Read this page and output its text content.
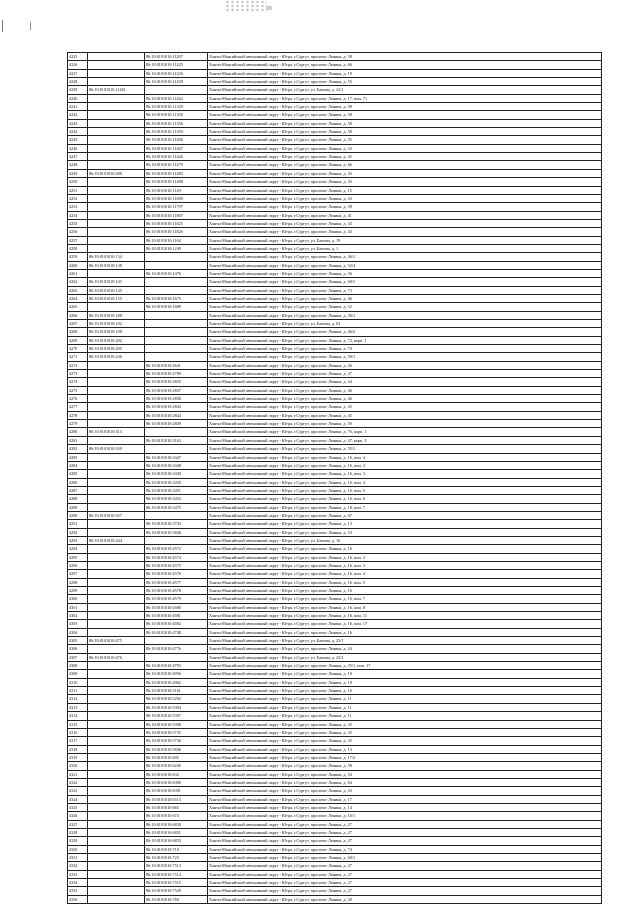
4225		86:10:0101010:11207	Ханты-Мансийский автономный округ - Югра, г.Сургут, проспект Ленина, д. 58
4226		86:10:0101010:11225	Ханты-Мансийский автономный округ - Югра, г.Сургут, проспект Ленина, д. 66
4227		86:10:0101010:11226	Ханты-Мансийский автономный округ - Югра, г.Сургут, проспект Ленина, д. 19
4228		86:10:0101010:11229	Ханты-Мансийский автономный округ - Югра, г.Сургут, проспект Ленина, д. 55
4239	86:10:0101010:11261		Ханты-Мансийский автономный округ - Югра, г.Сургут, ул. Бажова, д. 22/1
4240		86:10:0101010:11262	Ханты-Мансийский автономный округ - Югра, г.Сургут, проспект Ленина, д. 17, пом. 71
4241		86:10:0101010:11329	Ханты-Мансийский автономный округ - Югра, г.Сургут, проспект Ленина, д. 58
4242		86:10:0101010:11350	Ханты-Мансийский автономный округ - Югра, г.Сургут, проспект Ленина, д. 58
4243		86:10:0101010:11356	Ханты-Мансийский автономный округ - Югра, г.Сургут, проспект Ленина, д. 58
4244		86:10:0101010:11359	Ханты-Мансийский автономный округ - Югра, г.Сургут, проспект Ленина, д. 58
4245		86:10:0101010:11406	Ханты-Мансийский автономный округ - Югра, г.Сургут, проспект Ленина, д. 55
4246		86:10:0101010:11407	Ханты-Мансийский автономный округ - Югра, г.Сургут, проспект Ленина, д. 33
4247		86:10:0101010:11426	Ханты-Мансийский автономный округ - Югра, г.Сургут, проспект Ленина, д. 45
4248		86:10:0101010:11479	Ханты-Мансийский автономный округ - Югра, г.Сургут, проспект Ленина, д. 66
4249	86:10:0101010:288	86:10:0101010:11482	Ханты-Мансийский автономный округ - Югра, г.Сургут, проспект Ленина, д. 43
4250		86:10:0101010:11488	Ханты-Мансийский автономный округ - Югра, г.Сургут, проспект Ленина, д. 43
4251		86:10:0101010:1149	Ханты-Мансийский автономный округ - Югра, г.Сургут, проспект Ленина, д. 15
4252		86:10:0101010:11690	Ханты-Мансийский автономный округ - Югра, г.Сургут, проспект Ленина, д. 43
4253		86:10:0101010:11797	Ханты-Мансийский автономный округ - Югра, г.Сургут, проспект Ленина, д. 39
4254		86:10:0101010:11807	Ханты-Мансийский автономный округ - Югра, г.Сургут, проспект Ленина, д. 41
4255		86:10:0101010:11825	Ханты-Мансийский автономный округ - Югра, г.Сургут, проспект Ленина, д. 43
4256		86:10:0101010:11826	Ханты-Мансийский автономный округ - Югра, г.Сургут, проспект Ленина, д. 43
4257		86:10:0101010:1164	Ханты-Мансийский автономный округ - Югра, г.Сургут, ул. Бажова, д. 19
4258		86:10:0101010:1249	Ханты-Мансийский автономный округ - Югра, г.Сургут, ул. Бажова, д. 1
4259	86:10:0101010:134		Ханты-Мансийский автономный округ - Югра, г.Сургут, проспект Ленина, д. 46/1
4260	86:10:0101010:138		Ханты-Мансийский автономный округ - Югра, г.Сургут, проспект Ленина, д. 52/4
4261		86:10:0101010:1476	Ханты-Мансийский автономный округ - Югра, г.Сургут, проспект Ленина, д. 36
4262	86:10:0101010:143		Ханты-Мансийский автономный округ - Югра, г.Сургут, проспект Ленина, д. 60/1
4263	86:10:0101010:145		Ханты-Мансийский автономный округ - Югра, г.Сургут, проспект Ленина, д. 73
4264	86:10:0101010:155	86:10:0101010:1675	Ханты-Мансийский автономный округ - Югра, г.Сургут, проспект Ленина, д. 46
4265		86:10:0101010:1688	Ханты-Мансийский автономный округ - Югра, г.Сургут, проспект Ленина, д. 52
4266	86:10:0101010:188		Ханты-Мансийский автономный округ - Югра, г.Сургут, проспект Ленина, д. 50/1
4267	86:10:0101010:192		Ханты-Мансийский автономный округ - Югра, г.Сургут, ул. Бажова, д. 63
4268	86:10:0101010:198		Ханты-Мансийский автономный округ - Югра, г.Сургут, проспект Ленина, д. 46/2
4269	86:10:0101010:202		Ханты-Мансийский автономный округ - Югра, г.Сургут, проспект Ленина, д. 72, корп. 1
4270	86:10:0101010:205		Ханты-Мансийский автономный округ - Югра, г.Сургут, проспект Ленина, д. 70
4271	86:10:0101010:246		Ханты-Мансийский автономный округ - Югра, г.Сургут, проспект Ленина, д. 59/1
4272		86:10:0101010:2641	Ханты-Мансийский автономный округ - Югра, г.Сургут, проспект Ленина, д. 26
4273		86:10:0101010:2789	Ханты-Мансийский автономный округ - Югра, г.Сургут, проспект Ленина, д. 47
4274		86:10:0101010:2835	Ханты-Мансийский автономный округ - Югра, г.Сургут, проспект Ленина, д. 44
4275		86:10:0101010:2837	Ханты-Мансийский автономный округ - Югра, г.Сургут, проспект Ленина, д. 46
4276		86:10:0101010:2838	Ханты-Мансийский автономный округ - Югра, г.Сургут, проспект Ленина, д. 46
4277		86:10:0101010:2843	Ханты-Мансийский автономный округ - Югра, г.Сургут, проспект Ленина, д. 45
4278		86:10:0101010:2844	Ханты-Мансийский автономный округ - Югра, г.Сургут, проспект Ленина, д. 45
4279		86:10:0101010:2849	Ханты-Мансийский автономный округ - Югра, г.Сургут, проспект Ленина, д. 59
4280	86:10:0101010:313		Ханты-Мансийский автономный округ - Югра, г.Сургут, проспект Ленина, д. 76, корп. 1
4281		86:10:0101010:3163	Ханты-Мансийский автономный округ - Югра, г.Сургут, проспект Ленина, д. 47, корп. 3
4282	86:10:0101010:320		Ханты-Мансийский автономный округ - Югра, г.Сургут, проспект Ленина, д. 55/1
4283		86:10:0101010:3447	Ханты-Мансийский автономный округ - Югра, г.Сургут, проспект Ленина, д. 16, пом. 4
4284		86:10:0101010:3448	Ханты-Мансийский автономный округ - Югра, г.Сургут, проспект Ленина, д. 16, пом. 2
4285		86:10:0101010:3449	Ханты-Мансийский автономный округ - Югра, г.Сургут, проспект Ленина, д. 16, пом. 3
4286		86:10:0101010:3450	Ханты-Мансийский автономный округ - Югра, г.Сургут, проспект Ленина, д. 16, пом. 4
4287		86:10:0101010:3451	Ханты-Мансийский автономный округ - Югра, г.Сургут, проспект Ленина, д. 16, пом. 5
4288		86:10:0101010:3452	Ханты-Мансийский автономный округ - Югра, г.Сургут, проспект Ленина, д. 16, пом. 6
4289		86:10:0101010:3475	Ханты-Мансийский автономный округ - Югра, г.Сургут, проспект Ленина, д. 18, пом. 7
4290	86:10:0101010:357		Ханты-Мансийский автономный округ - Югра, г.Сургут, проспект Ленина, д. 67
4291		86:10:0101010:3743	Ханты-Мансийский автономный округ - Югра, г.Сургут, проспект Ленина, д. 13
4292		86:10:0101010:3846	Ханты-Мансийский автономный округ - Югра, г.Сургут, проспект Ленина, д. 53
4293	86:10:0101010:444		Ханты-Мансийский автономный округ - Югра, г.Сургут, ул. Бажова, д. 16
4294		86:10:0101010:4572	Ханты-Мансийский автономный округ - Югра, г.Сургут, проспект Ленина, д. 16
4295		86:10:0101010:4574	Ханты-Мансийский автономный округ - Югра, г.Сургут, проспект Ленина, д. 16, пом. 2
4296		86:10:0101010:4575	Ханты-Мансийский автономный округ - Югра, г.Сургут, проспект Ленина, д. 16, пом. 3
4297		86:10:0101010:4576	Ханты-Мансийский автономный округ - Югра, г.Сургут, проспект Ленина, д. 16, пом. 4
4298		86:10:0101010:4577	Ханты-Мансийский автономный округ - Югра, г.Сургут, проспект Ленина, д. 16, пом. 5
4299		86:10:0101010:4578	Ханты-Мансийский автономный округ - Югра, г.Сургут, проспект Ленина, д. 16
4300		86:10:0101010:4579	Ханты-Мансийский автономный округ - Югра, г.Сургут, проспект Ленина, д. 16, пом. 7
4301		86:10:0101010:4580	Ханты-Мансийский автономный округ - Югра, г.Сургут, проспект Ленина, д. 16, пом. 8
4302		86:10:0101010:4581	Ханты-Мансийский автономный округ - Югра, г.Сургут, проспект Ленина, д. 16, пом. 11
4303		86:10:0101010:4582	Ханты-Мансийский автономный округ - Югра, г.Сургут, проспект Ленина, д. 16, пом. 17
4304		86:10:0101010:4748	Ханты-Мансийский автономный округ - Югра, г.Сургут, проспект Ленина, д. 16
4305	86:10:0101010:475		Ханты-Мансийский автономный округ - Югра, г.Сургут, ул. Бажова, д. 25/1
4306		86:10:0101010:4776	Ханты-Мансийский автономный округ - Югра, г.Сургут, проспект Ленина, д. 24
4307	86:10:0101010:476		Ханты-Мансийский автономный округ - Югра, г.Сургут, ул. Бажова, д. 23/1
4308		86:10:0101010:4793	Ханты-Мансийский автономный округ - Югра, г.Сургут, проспект Ленина, д. 25/1, пом. 17
4309		86:10:0101010:4956	Ханты-Мансийский автономный округ - Югра, г.Сургут, проспект Ленина, д. 10
4310		86:10:0101010:4962	Ханты-Мансийский автономный округ - Югра, г.Сургут, проспект Ленина, д. 10
4311		86:10:0101010:5161	Ханты-Мансийский автономный округ - Югра, г.Сургут, проспект Ленина, д. 16
4312		86:10:0101010:5292	Ханты-Мансийский автономный округ - Югра, г.Сургут, проспект Ленина, д. 11
4313		86:10:0101010:5394	Ханты-Мансийский автономный округ - Югра, г.Сургут, проспект Ленина, д. 11
4314		86:10:0101010:5397	Ханты-Мансийский автономный округ - Югра, г.Сургут, проспект Ленина, д. 11
4315		86:10:0101010:5398	Ханты-Мансийский автономный округ - Югра, г.Сургут, проспект Ленина, д. 35
4316		86:10:0101010:5735	Ханты-Мансийский автономный округ - Югра, г.Сургут, проспект Ленина, д. 35
4317		86:10:0101010:5736	Ханты-Мансийский автономный округ - Югра, г.Сургут, проспект Ленина, д. 35
4318		86:10:0101010:5846	Ханты-Мансийский автономный округ - Югра, г.Сургут, проспект Ленина, д. 13
4319		86:10:0101010:605	Ханты-Мансийский автономный округ - Югра, г.Сургут, проспект Ленина, д. 17/2
4320		86:10:0101010:6240	Ханты-Мансийский автономный округ - Югра, г.Сургут, проспект Ленина, д. 58
4321		86:10:0101010:632	Ханты-Мансийский автономный округ - Югра, г.Сургут, проспект Ленина, д. 54
4322		86:10:0101010:6380	Ханты-Мансийский автономный округ - Югра, г.Сургут, проспект Ленина, д. 64
4323		86:10:0101010:6391	Ханты-Мансийский автономный округ - Югра, г.Сургут, проспект Ленина, д. 43
4324		86:10:0101010:6513	Ханты-Мансийский автономный округ - Югра, г.Сургут, проспект Ленина, д. 17
4325		86:10:0101010:665	Ханты-Мансийский автономный округ - Югра, г.Сургут, проспект Ленина, д. 14
4326		86:10:0101010:674	Ханты-Мансийский автономный округ - Югра, г.Сургут, проспект Ленина, д. 16/1
4327		86:10:0101010:6830	Ханты-Мансийский автономный округ - Югра, г.Сургут, проспект Ленина, д. 27
4328		86:10:0101010:6831	Ханты-Мансийский автономный округ - Югра, г.Сургут, проспект Ленина, д. 27
4329		86:10:0101010:6833	Ханты-Мансийский автономный округ - Югра, г.Сургут, проспект Ленина, д. 27
4330		86:10:0101010:710	Ханты-Мансийский автономный округ - Югра, г.Сургут, проспект Ленина, д. 74
4331		86:10:0101010:723	Ханты-Мансийский автономный округ - Югра, г.Сургут, проспект Ленина, д. 60/1
4332		86:10:0101010:7513	Ханты-Мансийский автономный округ - Югра, г.Сургут, проспект Ленина, д. 27
4333		86:10:0101010:7514	Ханты-Мансийский автономный округ - Югра, г.Сургут, проспект Ленина, д. 27
4334		86:10:0101010:7515	Ханты-Мансийский автономный округ - Югра, г.Сургут, проспект Ленина, д. 27
4335		86:10:0101010:7529	Ханты-Мансийский автономный округ - Югра, г.Сургут, проспект Ленина, д. 27
4336		86:10:0101010:769	Ханты-Мансийский автономный округ - Югра, г.Сургут, проспект Ленина, д. 28
